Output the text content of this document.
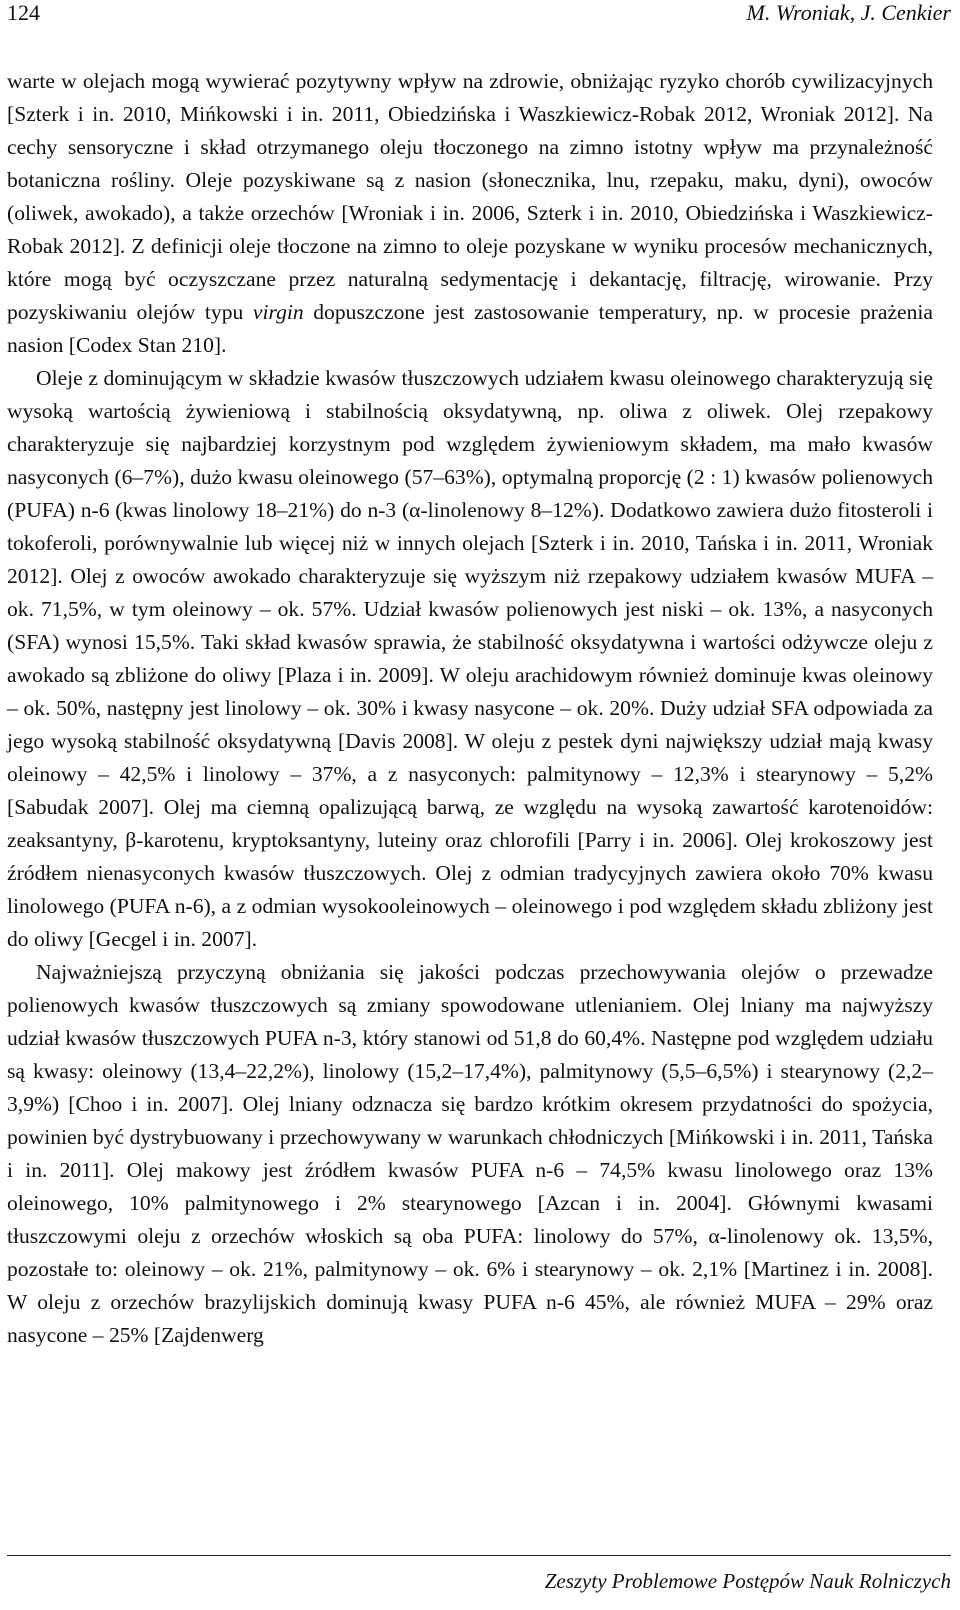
124	M. Wroniak, J. Cenkier

warte w olejach mogą wywierać pozytywny wpływ na zdrowie, obniżając ryzyko chorób cywilizacyjnych [Szterk i in. 2010, Mińkowski i in. 2011, Obiedzińska i Waszkiewicz-Robak 2012, Wroniak 2012]. Na cechy sensoryczne i skład otrzymanego oleju tłoczonego na zimno istotny wpływ ma przynależność botaniczna rośliny. Oleje pozyskiwane są z nasion (słonecznika, lnu, rzepaku, maku, dyni), owoców (oliwek, awokado), a także orzechów [Wroniak i in. 2006, Szterk i in. 2010, Obiedzińska i Waszkiewicz-Robak 2012]. Z definicji oleje tłoczone na zimno to oleje pozyskane w wyniku procesów mechanicznych, które mogą być oczyszczane przez naturalną sedymentację i dekantację, filtrację, wirowanie. Przy pozyskiwaniu olejów typu virgin dopuszczone jest zastosowanie temperatury, np. w procesie prażenia nasion [Codex Stan 210].

Oleje z dominującym w składzie kwasów tłuszczowych udziałem kwasu oleinowego charakteryzują się wysoką wartością żywieniową i stabilnością oksydatywną, np. oliwa z oliwek. Olej rzepakowy charakteryzuje się najbardziej korzystnym pod względem żywieniowym składem, ma mało kwasów nasyconych (6–7%), dużo kwasu oleinowego (57–63%), optymalną proporcję (2 : 1) kwasów polienowych (PUFA) n-6 (kwas linolowy 18–21%) do n-3 (α-linolenowy 8–12%). Dodatkowo zawiera dużo fitosteroli i tokoferoli, porównywalnie lub więcej niż w innych olejach [Szterk i in. 2010, Tańska i in. 2011, Wroniak 2012]. Olej z owoców awokado charakteryzuje się wyższym niż rzepakowy udziałem kwasów MUFA – ok. 71,5%, w tym oleinowy – ok. 57%. Udział kwasów polienowych jest niski – ok. 13%, a nasyconych (SFA) wynosi 15,5%. Taki skład kwasów sprawia, że stabilność oksydatywna i wartości odżywcze oleju z awokado są zbliżone do oliwy [Plaza i in. 2009]. W oleju arachidowym również dominuje kwas oleinowy – ok. 50%, następny jest linolowy – ok. 30% i kwasy nasycone – ok. 20%. Duży udział SFA odpowiada za jego wysoką stabilność oksydatywną [Davis 2008]. W oleju z pestek dyni największy udział mają kwasy oleinowy – 42,5% i linolowy – 37%, a z nasyconych: palmitynowy – 12,3% i stearynowy – 5,2% [Sabudak 2007]. Olej ma ciemną opalizującą barwą, ze względu na wysoką zawartość karotenoidów: zeaksantyny, β-karotenu, kryptoksantyny, luteiny oraz chlorofili [Parry i in. 2006]. Olej krokoszowy jest źródłem nienasyconych kwasów tłuszczowych. Olej z odmian tradycyjnych zawiera około 70% kwasu linolowego (PUFA n-6), a z odmian wysokooleinowych – oleinowego i pod względem składu zbliżony jest do oliwy [Gecgel i in. 2007].

Najważniejszą przyczyną obniżania się jakości podczas przechowywania olejów o przewadze polienowych kwasów tłuszczowych są zmiany spowodowane utlenianiem. Olej lniany ma najwyższy udział kwasów tłuszczowych PUFA n-3, który stanowi od 51,8 do 60,4%. Następne pod względem udziału są kwasy: oleinowy (13,4–22,2%), linolowy (15,2–17,4%), palmitynowy (5,5–6,5%) i stearynowy (2,2–3,9%) [Choo i in. 2007]. Olej lniany odznacza się bardzo krótkim okresem przydatności do spożycia, powinien być dystrybuowany i przechowywany w warunkach chłodniczych [Mińkowski i in. 2011, Tańska i in. 2011]. Olej makowy jest źródłem kwasów PUFA n-6 – 74,5% kwasu linolowego oraz 13% oleinowego, 10% palmitynowego i 2% stearynowego [Azcan i in. 2004]. Głównymi kwasami tłuszczowymi oleju z orzechów włoskich są oba PUFA: linolowy do 57%, α-linolenowy ok. 13,5%, pozostałe to: oleinowy – ok. 21%, palmitynowy – ok. 6% i stearynowy – ok. 2,1% [Martinez i in. 2008]. W oleju z orzechów brazylijskich dominują kwasy PUFA n-6 45%, ale również MUFA – 29% oraz nasycone – 25% [Zajdenwerg

Zeszyty Problemowe Postępów Nauk Rolniczych
